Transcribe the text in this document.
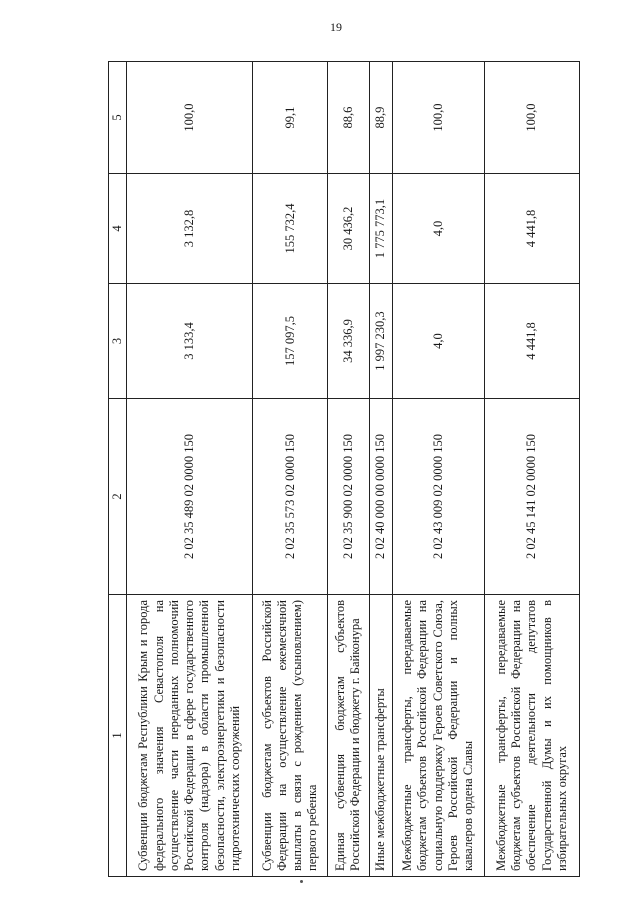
19
1	2	3	4	5
Субвенции бюджетам Республики Крым и города федерального значения Севастополя на осуществление части переданных полномочий Российской Федерации в сфере государственного контроля (надзора) в области промышленной безопасности, электроэнергетики и безопасности гидротехнических сооружений	2 02 35 489 02 0000 150	3 133,4	3 132,8	100,0
Субвенции бюджетам субъектов Российской Федерации на осуществление ежемесячной выплаты в связи с рождением (усыновлением) первого ребенка	2 02 35 573 02 0000 150	157 097,5	155 732,4	99,1
Единая субвенция бюджетам субъектов Российской Федерации и бюджету г. Байконура	2 02 35 900 02 0000 150	34 336,9	30 436,2	88,6
Иные межбюджетные трансферты	2 02 40 000 00 0000 150	1 997 230,3	1 775 773,1	88,9
Межбюджетные трансферты, передаваемые бюджетам субъектов Российской Федерации на социальную поддержку Героев Советского Союза, Героев Российской Федерации и полных кавалеров ордена Славы	2 02 43 009 02 0000 150	4,0	4,0	100,0
Межбюджетные трансферты, передаваемые бюджетам субъектов Российской Федерации на обеспечение деятельности депутатов Государственной Думы и их помощников в избирательных округах	2 02 45 141 02 0000 150	4 441,8	4 441,8	100,0
